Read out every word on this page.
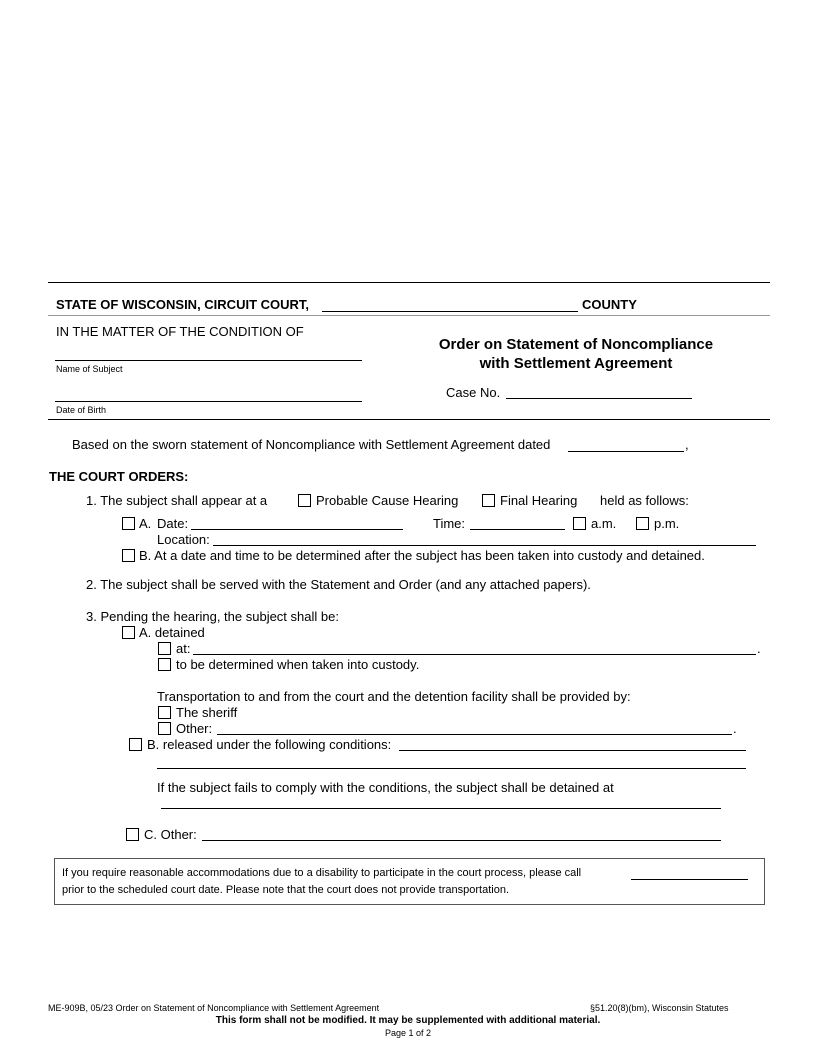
STATE OF WISCONSIN, CIRCUIT COURT,	COUNTY
IN THE MATTER OF THE CONDITION OF
Name of Subject
Date of Birth
Order on Statement of Noncompliance
with Settlement Agreement
Case No.
Based on the sworn statement of Noncompliance with Settlement Agreement dated	,
THE COURT ORDERS:
1. The subject shall appear at a	Probable Cause Hearing	Final Hearing held as follows:
A. Date:	Time:	a.m.	p.m.
Location:
B. At a date and time to be determined after the subject has been taken into custody and detained.
2. The subject shall be served with the Statement and Order (and any attached papers).
3. Pending the hearing, the subject shall be:
A. detained
at:	.
to be determined when taken into custody.
Transportation to and from the court and the detention facility shall be provided by:
The sheriff
Other:	.
B. released under the following conditions:
If the subject fails to comply with the conditions, the subject shall be detained at
C. Other:
If you require reasonable accommodations due to a disability to participate in the court process, please call
prior to the scheduled court date. Please note that the court does not provide transportation.
ME-909B, 05/23 Order on Statement of Noncompliance with Settlement Agreement	§51.20(8)(bm), Wisconsin Statutes
This form shall not be modified. It may be supplemented with additional material.
Page 1 of 2
